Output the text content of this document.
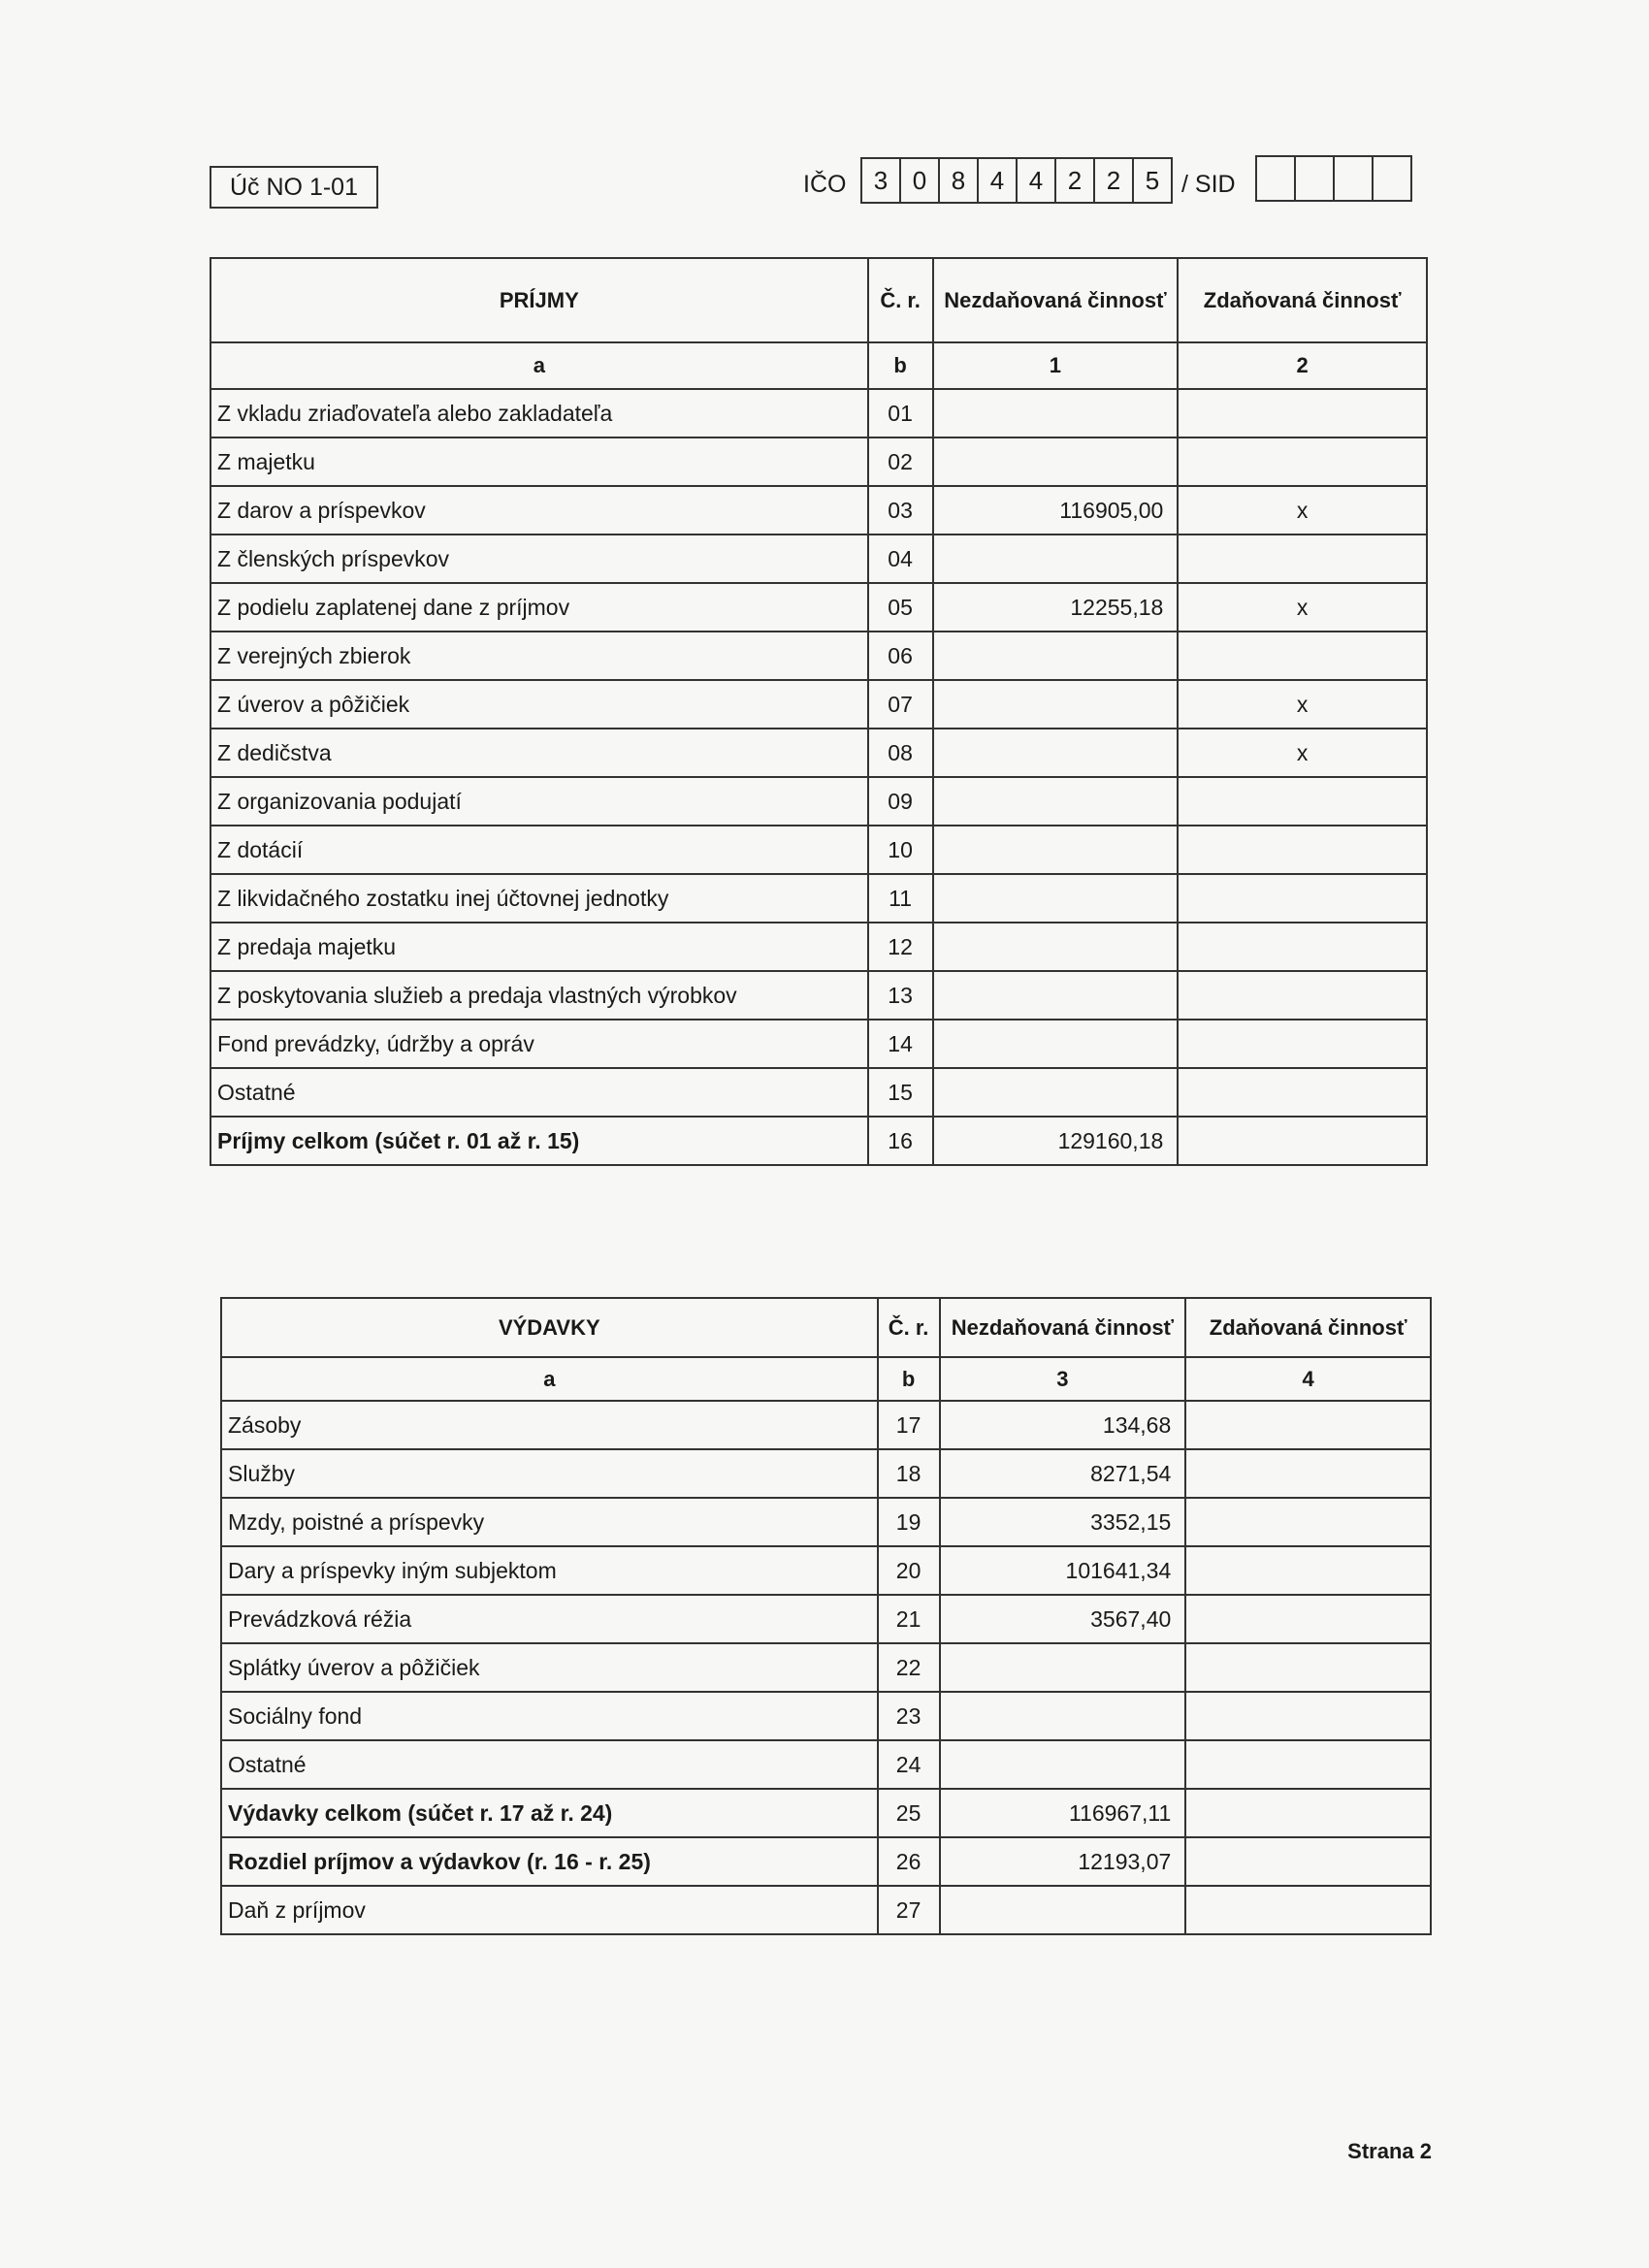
Úč NO 1-01	IČO	3 0 8 4 4 2 2 5 / SID
PRÍJMY	Č. r.	Nezdaňovaná činnosť	Zdaňovaná činnosť
a	b	1	2
Z vkladu zriaďovateľa alebo zakladateľa	01		
Z majetku	02		
Z darov a príspevkov	03	116905,00	x
Z členských príspevkov	04		
Z podielu zaplatenej dane z príjmov	05	12255,18	x
Z verejných zbierok	06		
Z úverov a pôžičiek	07		x
Z dedičstva	08		x
Z organizovania podujatí	09		
Z dotácií	10		
Z likvidačného zostatku inej účtovnej jednotky	11		
Z predaja majetku	12		
Z poskytovania služieb a predaja vlastných výrobkov	13		
Fond prevádzky, údržby a opráv	14		
Ostatné	15		
Príjmy celkom (súčet r. 01 až r. 15)	16	129160,18	
VÝDAVKY	Č. r.	Nezdaňovaná činnosť	Zdaňovaná činnosť
a	b	3	4
Zásoby	17	134,68	
Služby	18	8271,54	
Mzdy, poistné a príspevky	19	3352,15	
Dary a príspevky iným subjektom	20	101641,34	
Prevádzková réžia	21	3567,40	
Splátky úverov a pôžičiek	22		
Sociálny fond	23		
Ostatné	24		
Výdavky celkom (súčet r. 17 až r. 24)	25	116967,11	
Rozdiel príjmov a výdavkov (r. 16 - r. 25)	26	12193,07	
Daň z príjmov	27		
Strana 2
